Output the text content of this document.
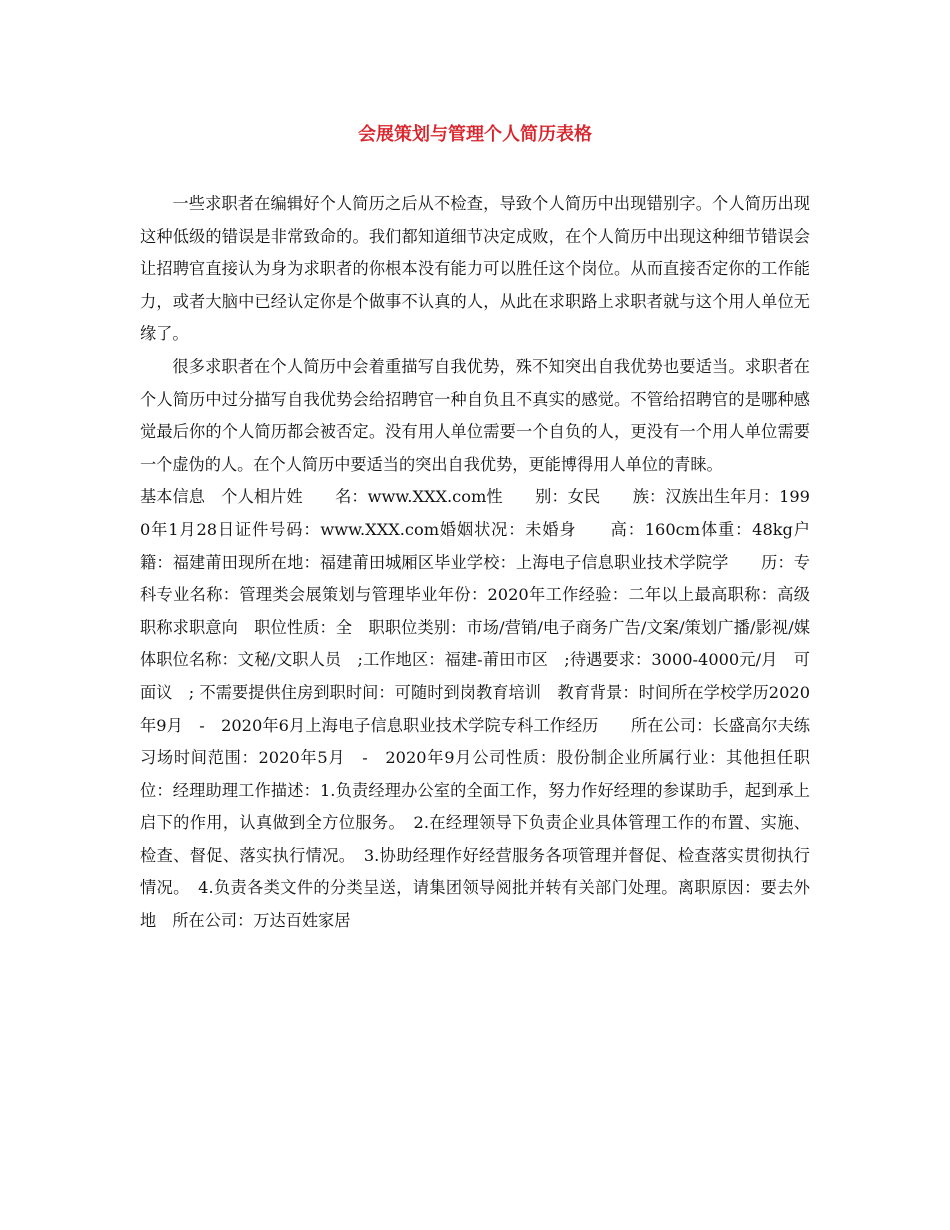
会展策划与管理个人简历表格

一些求职者在编辑好个人简历之后从不检查，导致个人简历中出现错别字。个人简历出现这种低级的错误是非常致命的。我们都知道细节决定成败，在个人简历中出现这种细节错误会让招聘官直接认为身为求职者的你根本没有能力可以胜任这个岗位。从而直接否定你的工作能力，或者大脑中已经认定你是个做事不认真的人，从此在求职路上求职者就与这个用人单位无缘了。

很多求职者在个人简历中会着重描写自我优势，殊不知突出自我优势也要适当。求职者在个人简历中过分描写自我优势会给招聘官一种自负且不真实的感觉。不管给招聘官的是哪种感觉最后你的个人简历都会被否定。没有用人单位需要一个自负的人，更没有一个用人单位需要一个虚伪的人。在个人简历中要适当的突出自我优势，更能博得用人单位的青睐。

基本信息　个人相片姓　　名：www.XXX.com性　　别：女民　　族：汉族出生年月：1990年1月28日证件号码：www.XXX.com婚姻状况：未婚身　　高：160cm体重：48kg户　　籍：福建莆田现所在地：福建莆田城厢区毕业学校：上海电子信息职业技术学院学　　历：专科专业名称：管理类会展策划与管理毕业年份：2020年工作经验：二年以上最高职称：高级职称求职意向　职位性质：全　职职位类别：市场/营销/电子商务广告/文案/策划广播/影视/媒体职位名称：文秘/文职人员　;工作地区：福建-莆田市区　;待遇要求：3000-4000元/月　可面议　; 不需要提供住房到职时间：可随时到岗教育培训　教育背景：时间所在学校学历2020年9月　-　2020年6月上海电子信息职业技术学院专科工作经历　　所在公司：长盛高尔夫练习场时间范围：2020年5月　-　2020年9月公司性质：股份制企业所属行业：其他担任职位：经理助理工作描述：1.负责经理办公室的全面工作，努力作好经理的参谋助手，起到承上启下的作用，认真做到全方位服务。　2.在经理领导下负责企业具体管理工作的布置、实施、检查、督促、落实执行情况。　3.协助经理作好经营服务各项管理并督促、检查落实贯彻执行情况。　4.负责各类文件的分类呈送，请集团领导阅批并转有关部门处理。离职原因：要去外地　所在公司：万达百姓家居
